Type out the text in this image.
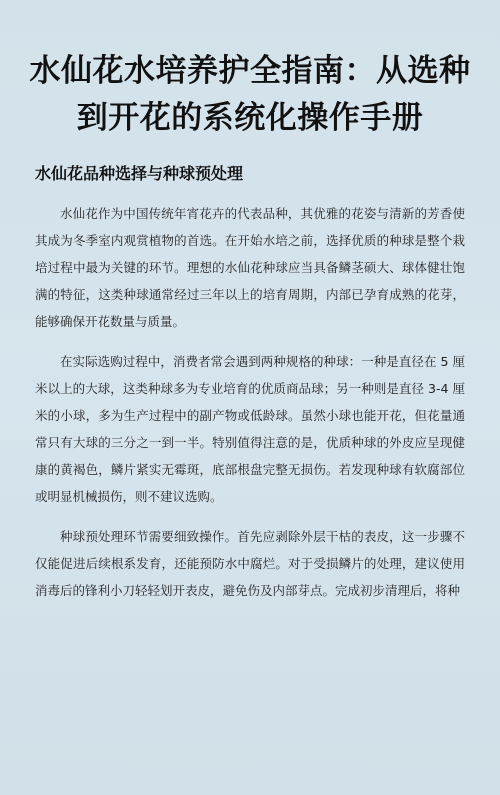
水仙花水培养护全指南：从选种到开花的系统化操作手册
水仙花品种选择与种球预处理

水仙花作为中国传统年宵花卉的代表品种，其优雅的花姿与清新的芳香使其成为冬季室内观赏植物的首选。在开始水培之前，选择优质的种球是整个栽培过程中最为关键的环节。理想的水仙花种球应当具备鳞茎硕大、球体健壮饱满的特征，这类种球通常经过三年以上的培育周期，内部已孕育成熟的花芽，能够确保开花数量与质量。

在实际选购过程中，消费者常会遇到两种规格的种球：一种是直径在 5 厘米以上的大球，这类种球多为专业培育的优质商品球；另一种则是直径 3-4 厘米的小球，多为生产过程中的副产物或低龄球。虽然小球也能开花，但花量通常只有大球的三分之一到一半。特别值得注意的是，优质种球的外皮应呈现健康的黄褐色，鳞片紧实无霉斑，底部根盘完整无损伤。若发现种球有软腐部位或明显机械损伤，则不建议选购。

种球预处理环节需要细致操作。首先应剥除外层干枯的表皮，这一步骤不仅能促进后续根系发育，还能预防水中腐烂。对于受损鳞片的处理，建议使用消毒后的锋利小刀轻轻划开表皮，避免伤及内部芽点。完成初步清理后，将种
